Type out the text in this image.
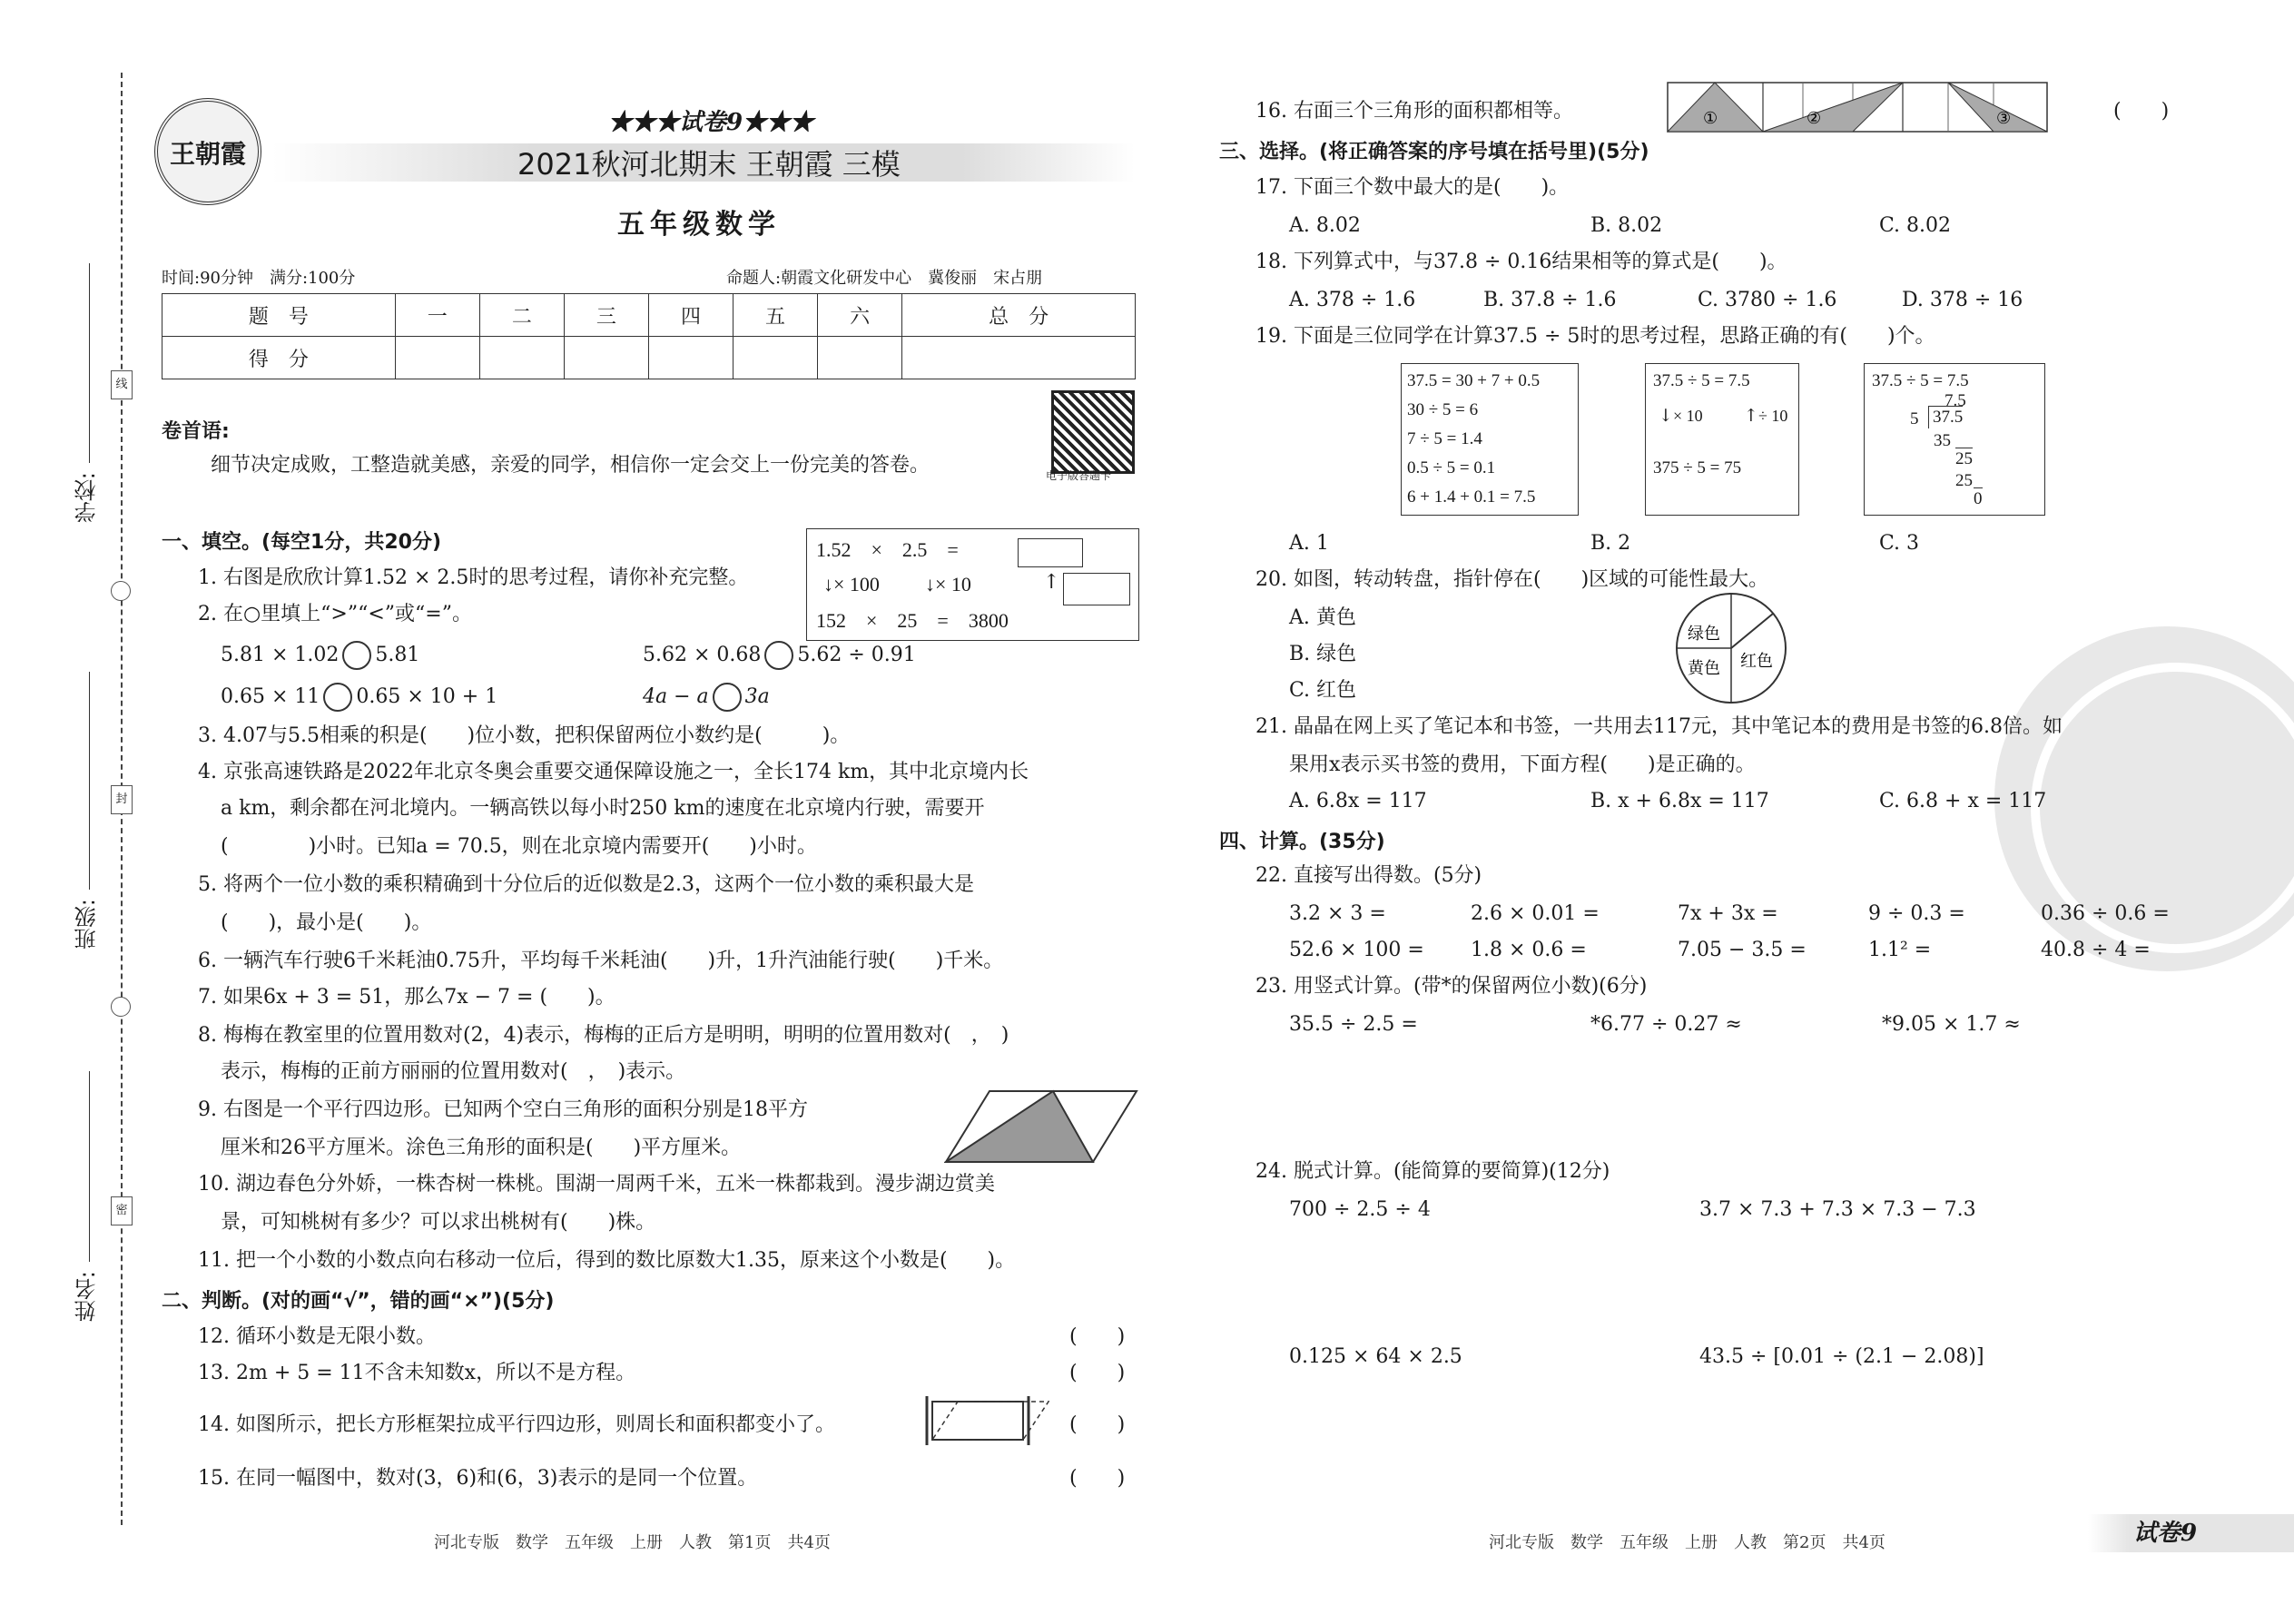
学校:
班级:
姓名:
线
封
密
王朝霞
★★★试卷9★★★
2021秋河北期末 王朝霞 三模
五年级数学
时间:90分钟　满分:100分	命题人:朝霞文化研发中心　冀俊丽　宋占朋
题　号	一	二	三	四	五	六	总　分
得　分							
电子版答题卡
卷首语:
细节决定成败，工整造就美感，亲爱的同学，相信你一定会交上一份完美的答卷。
一、填空。(每空1分，共20分)
1. 右图是欣欣计算1.52 × 2.5时的思考过程，请你补充完整。
1.52　×　2.5　=
↓× 100 ↓× 10	↑
152　×　25　=　3800
2. 在○里填上“>”“<”或“=”。
5.81 × 1.02 5.81	5.62 × 0.68 5.62 ÷ 0.91
0.65 × 11 0.65 × 10 + 1	4a − a 3a
3. 4.07与5.5相乘的积是(　　)位小数，把积保留两位小数约是(　　　)。
4. 京张高速铁路是2022年北京冬奥会重要交通保障设施之一，全长174 km，其中北京境内长
a km，剩余都在河北境内。一辆高铁以每小时250 km的速度在北京境内行驶，需要开
(　　　　)小时。已知a = 70.5，则在北京境内需要开(　　)小时。
5. 将两个一位小数的乘积精确到十分位后的近似数是2.3，这两个一位小数的乘积最大是
(　　)，最小是(　　)。
6. 一辆汽车行驶6千米耗油0.75升，平均每千米耗油(　　)升，1升汽油能行驶(　　)千米。
7. 如果6x + 3 = 51，那么7x − 7 = (　　)。
8. 梅梅在教室里的位置用数对(2，4)表示，梅梅的正后方是明明，明明的位置用数对(　，　)
表示，梅梅的正前方丽丽的位置用数对(　，　)表示。
9. 右图是一个平行四边形。已知两个空白三角形的面积分别是18平方
厘米和26平方厘米。涂色三角形的面积是(　　)平方厘米。
10. 湖边春色分外娇，一株杏树一株桃。围湖一周两千米，五米一株都栽到。漫步湖边赏美
景，可知桃树有多少？可以求出桃树有(　　)株。
11. 把一个小数的小数点向右移动一位后，得到的数比原数大1.35，原来这个小数是(　　)。
二、判断。(对的画“√”，错的画“×”)(5分)
12. 循环小数是无限小数。	(　　)
13. 2m + 5 = 11不含未知数x，所以不是方程。	(　　)
14. 如图所示，把长方形框架拉成平行四边形，则周长和面积都变小了。	(　　)
15. 在同一幅图中，数对(3，6)和(6，3)表示的是同一个位置。	(　　)
河北专版　数学　五年级　上册　人教　第1页　共4页
16. 右面三个三角形的面积都相等。	①	②	③	(　　)
三、选择。(将正确答案的序号填在括号里)(5分)
17. 下面三个数中最大的是(　　)。
A. 8.02	B. 8.02	C. 8.02
18. 下列算式中，与37.8 ÷ 0.16结果相等的算式是(　　)。
A. 378 ÷ 1.6	B. 37.8 ÷ 1.6	C. 3780 ÷ 1.6	D. 378 ÷ 16
19. 下面是三位同学在计算37.5 ÷ 5时的思考过程，思路正确的有(　　)个。
37.5 = 30 + 7 + 0.5
30 ÷ 5 = 6
7 ÷ 5 = 1.4
0.5 ÷ 5 = 0.1
6 + 1.4 + 0.1 = 7.5
37.5 ÷ 5 = 7.5
↓ × 10 ↑ ÷ 10
375 ÷ 5 = 75
37.5 ÷ 5 = 7.5
7.5
5 37.5
35
25
25
0
A. 1	B. 2	C. 3
20. 如图，转动转盘，指针停在(　　)区域的可能性最大。
A. 黄色
B. 绿色
C. 红色
绿色
黄色 红色
21. 晶晶在网上买了笔记本和书签，一共用去117元，其中笔记本的费用是书签的6.8倍。如
果用x表示买书签的费用，下面方程(　　)是正确的。
A. 6.8x = 117	B. x + 6.8x = 117	C. 6.8 + x = 117
四、计算。(35分)
22. 直接写出得数。(5分)
3.2 × 3 =	2.6 × 0.01 =	7x + 3x =	9 ÷ 0.3 =	0.36 ÷ 0.6 =
52.6 × 100 = 1.8 × 0.6 =	7.05 − 3.5 =	1.1² =	40.8 ÷ 4 =
23. 用竖式计算。(带*的保留两位小数)(6分)
35.5 ÷ 2.5 =	*6.77 ÷ 0.27 ≈	*9.05 × 1.7 ≈
24. 脱式计算。(能简算的要简算)(12分)
700 ÷ 2.5 ÷ 4	3.7 × 7.3 + 7.3 × 7.3 − 7.3
0.125 × 64 × 2.5	43.5 ÷ [0.01 ÷ (2.1 − 2.08)]
河北专版　数学　五年级　上册　人教　第2页　共4页	试卷9
